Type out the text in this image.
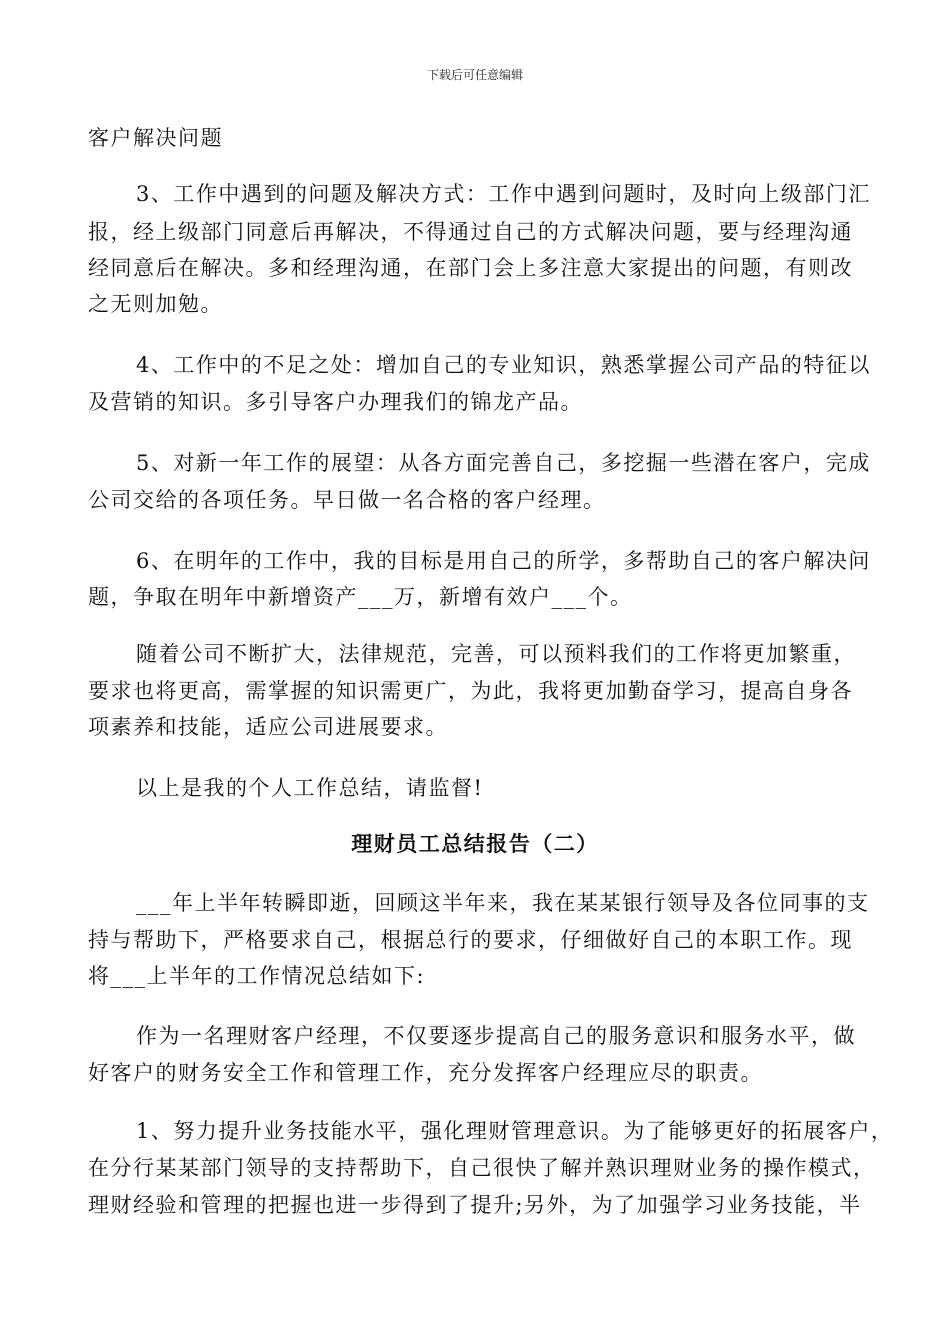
下载后可任意编辑
客户解决问题
3、工作中遇到的问题及解决方式：工作中遇到问题时，及时向上级部门汇
报，经上级部门同意后再解决，不得通过自己的方式解决问题，要与经理沟通
经同意后在解决。多和经理沟通，在部门会上多注意大家提出的问题，有则改
之无则加勉。
4、工作中的不足之处：增加自己的专业知识，熟悉掌握公司产品的特征以
及营销的知识。多引导客户办理我们的锦龙产品。
5、对新一年工作的展望：从各方面完善自己，多挖掘一些潜在客户，完成
公司交给的各项任务。早日做一名合格的客户经理。
6、在明年的工作中，我的目标是用自己的所学，多帮助自己的客户解决问
题，争取在明年中新增资产___万，新增有效户___个。
随着公司不断扩大，法律规范，完善，可以预料我们的工作将更加繁重，
要求也将更高，需掌握的知识需更广，为此，我将更加勤奋学习，提高自身各
项素养和技能，适应公司进展要求。
以上是我的个人工作总结，请监督!
理财员工总结报告（二）
___年上半年转瞬即逝，回顾这半年来，我在某某银行领导及各位同事的支
持与帮助下，严格要求自己，根据总行的要求，仔细做好自己的本职工作。现
将___上半年的工作情况总结如下:
作为一名理财客户经理，不仅要逐步提高自己的服务意识和服务水平，做
好客户的财务安全工作和管理工作，充分发挥客户经理应尽的职责。
1、努力提升业务技能水平，强化理财管理意识。为了能够更好的拓展客户，
在分行某某部门领导的支持帮助下，自己很快了解并熟识理财业务的操作模式，
理财经验和管理的把握也进一步得到了提升;另外，为了加强学习业务技能，半
